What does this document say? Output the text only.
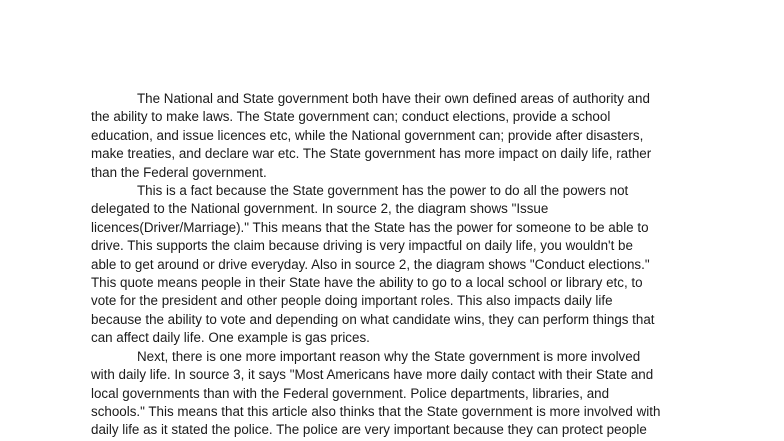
The National and State government both have their own defined areas of authority and
the ability to make laws. The State government can; conduct elections, provide a school
education, and issue licences etc, while the National government can; provide after disasters,
make treaties, and declare war etc. The State government has more impact on daily life, rather
than the Federal government.
This is a fact because the State government has the power to do all the powers not
delegated to the National government. In source 2, the diagram shows "Issue
licences(Driver/Marriage)." This means that the State has the power for someone to be able to
drive. This supports the claim because driving is very impactful on daily life, you wouldn't be
able to get around or drive everyday. Also in source 2, the diagram shows "Conduct elections."
This quote means people in their State have the ability to go to a local school or library etc, to
vote for the president and other people doing important roles. This also impacts daily life
because the ability to vote and depending on what candidate wins, they can perform things that
can affect daily life. One example is gas prices.
Next, there is one more important reason why the State government is more involved
with daily life. In source 3, it says "Most Americans have more daily contact with their State and
local governments than with the Federal government. Police departments, libraries, and
schools." This means that this article also thinks that the State government is more involved with
daily life as it stated the police. The police are very important because they can protect people
